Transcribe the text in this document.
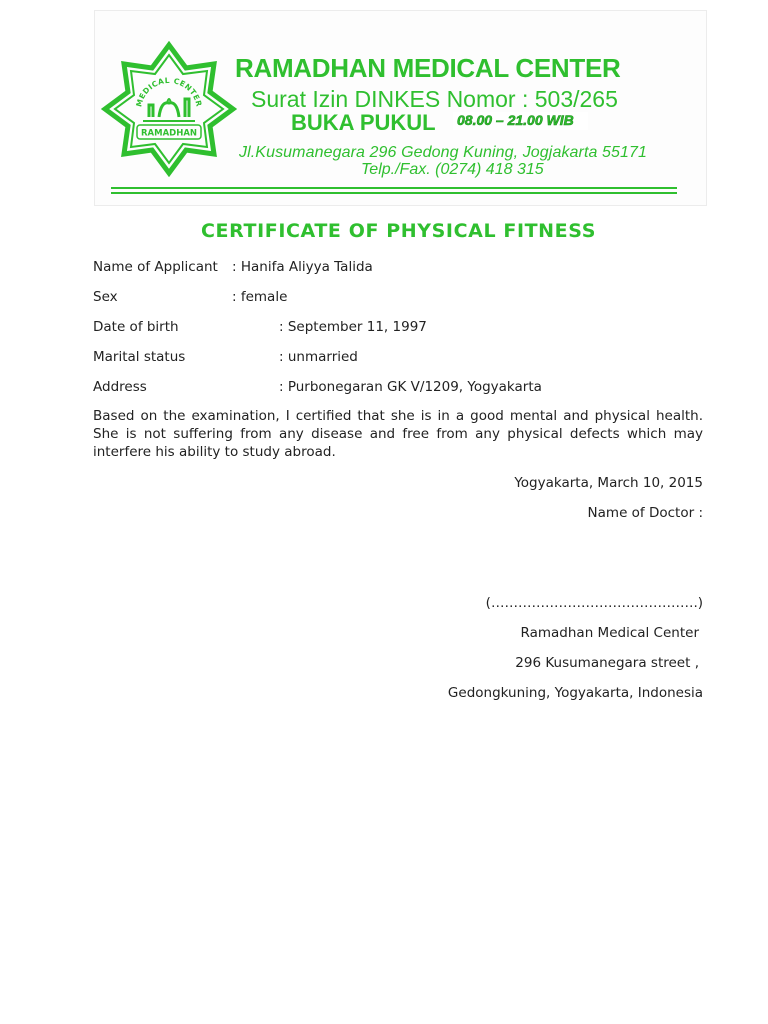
MEDICAL CENTER
RAMADHAN
RAMADHAN MEDICAL CENTER
Surat Izin DINKES Nomor : 503/265
BUKA PUKUL 08.00 – 21.00 WIB
Jl.Kusumanegara 296 Gedong Kuning, Jogjakarta 55171
Telp./Fax. (0274) 418 315
CERTIFICATE OF PHYSICAL FITNESS
Name of Applicant : Hanifa Aliyya Talida
Sex	: female
Date of birth	: September 11, 1997
Marital status	: unmarried
Address	: Purbonegaran GK V/1209, Yogyakarta
Based on the examination, I certified that she is in a good mental and physical health. She is not suffering from any disease and free from any physical defects which may interfere his ability to study abroad.
Yogyakarta, March 10, 2015
Name of Doctor :
(……………………………………….)
Ramadhan Medical Center
296 Kusumanegara street ,
Gedongkuning, Yogyakarta, Indonesia
